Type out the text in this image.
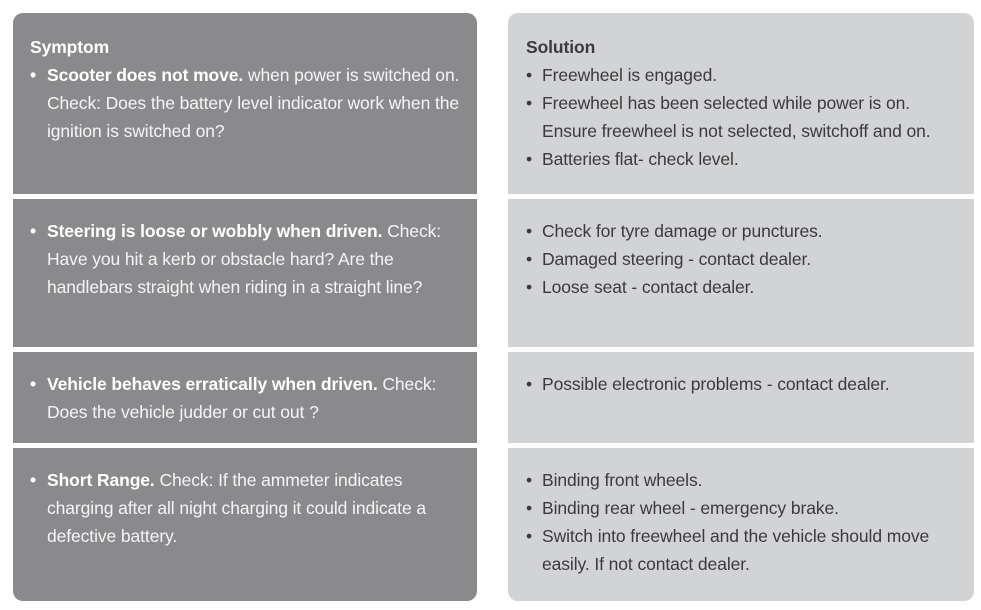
Symptom
• Scooter does not move. when power is switched on. Check: Does the battery level indicator work when the ignition is switched on?
• Steering is loose or wobbly when driven. Check: Have you hit a kerb or obstacle hard? Are the handlebars straight when riding in a straight line?
• Vehicle behaves erratically when driven. Check: Does the vehicle judder or cut out ?
• Short Range. Check: If the ammeter indicates charging after all night charging it could indicate a defective battery.
Solution
• Freewheel is engaged.
• Freewheel has been selected while power is on. Ensure freewheel is not selected, switchoff and on.
• Batteries flat- check level.
• Check for tyre damage or punctures.
• Damaged steering - contact dealer.
• Loose seat - contact dealer.
• Possible electronic problems - contact dealer.
• Binding front wheels.
• Binding rear wheel - emergency brake.
• Switch into freewheel and the vehicle should move easily. If not contact dealer.
